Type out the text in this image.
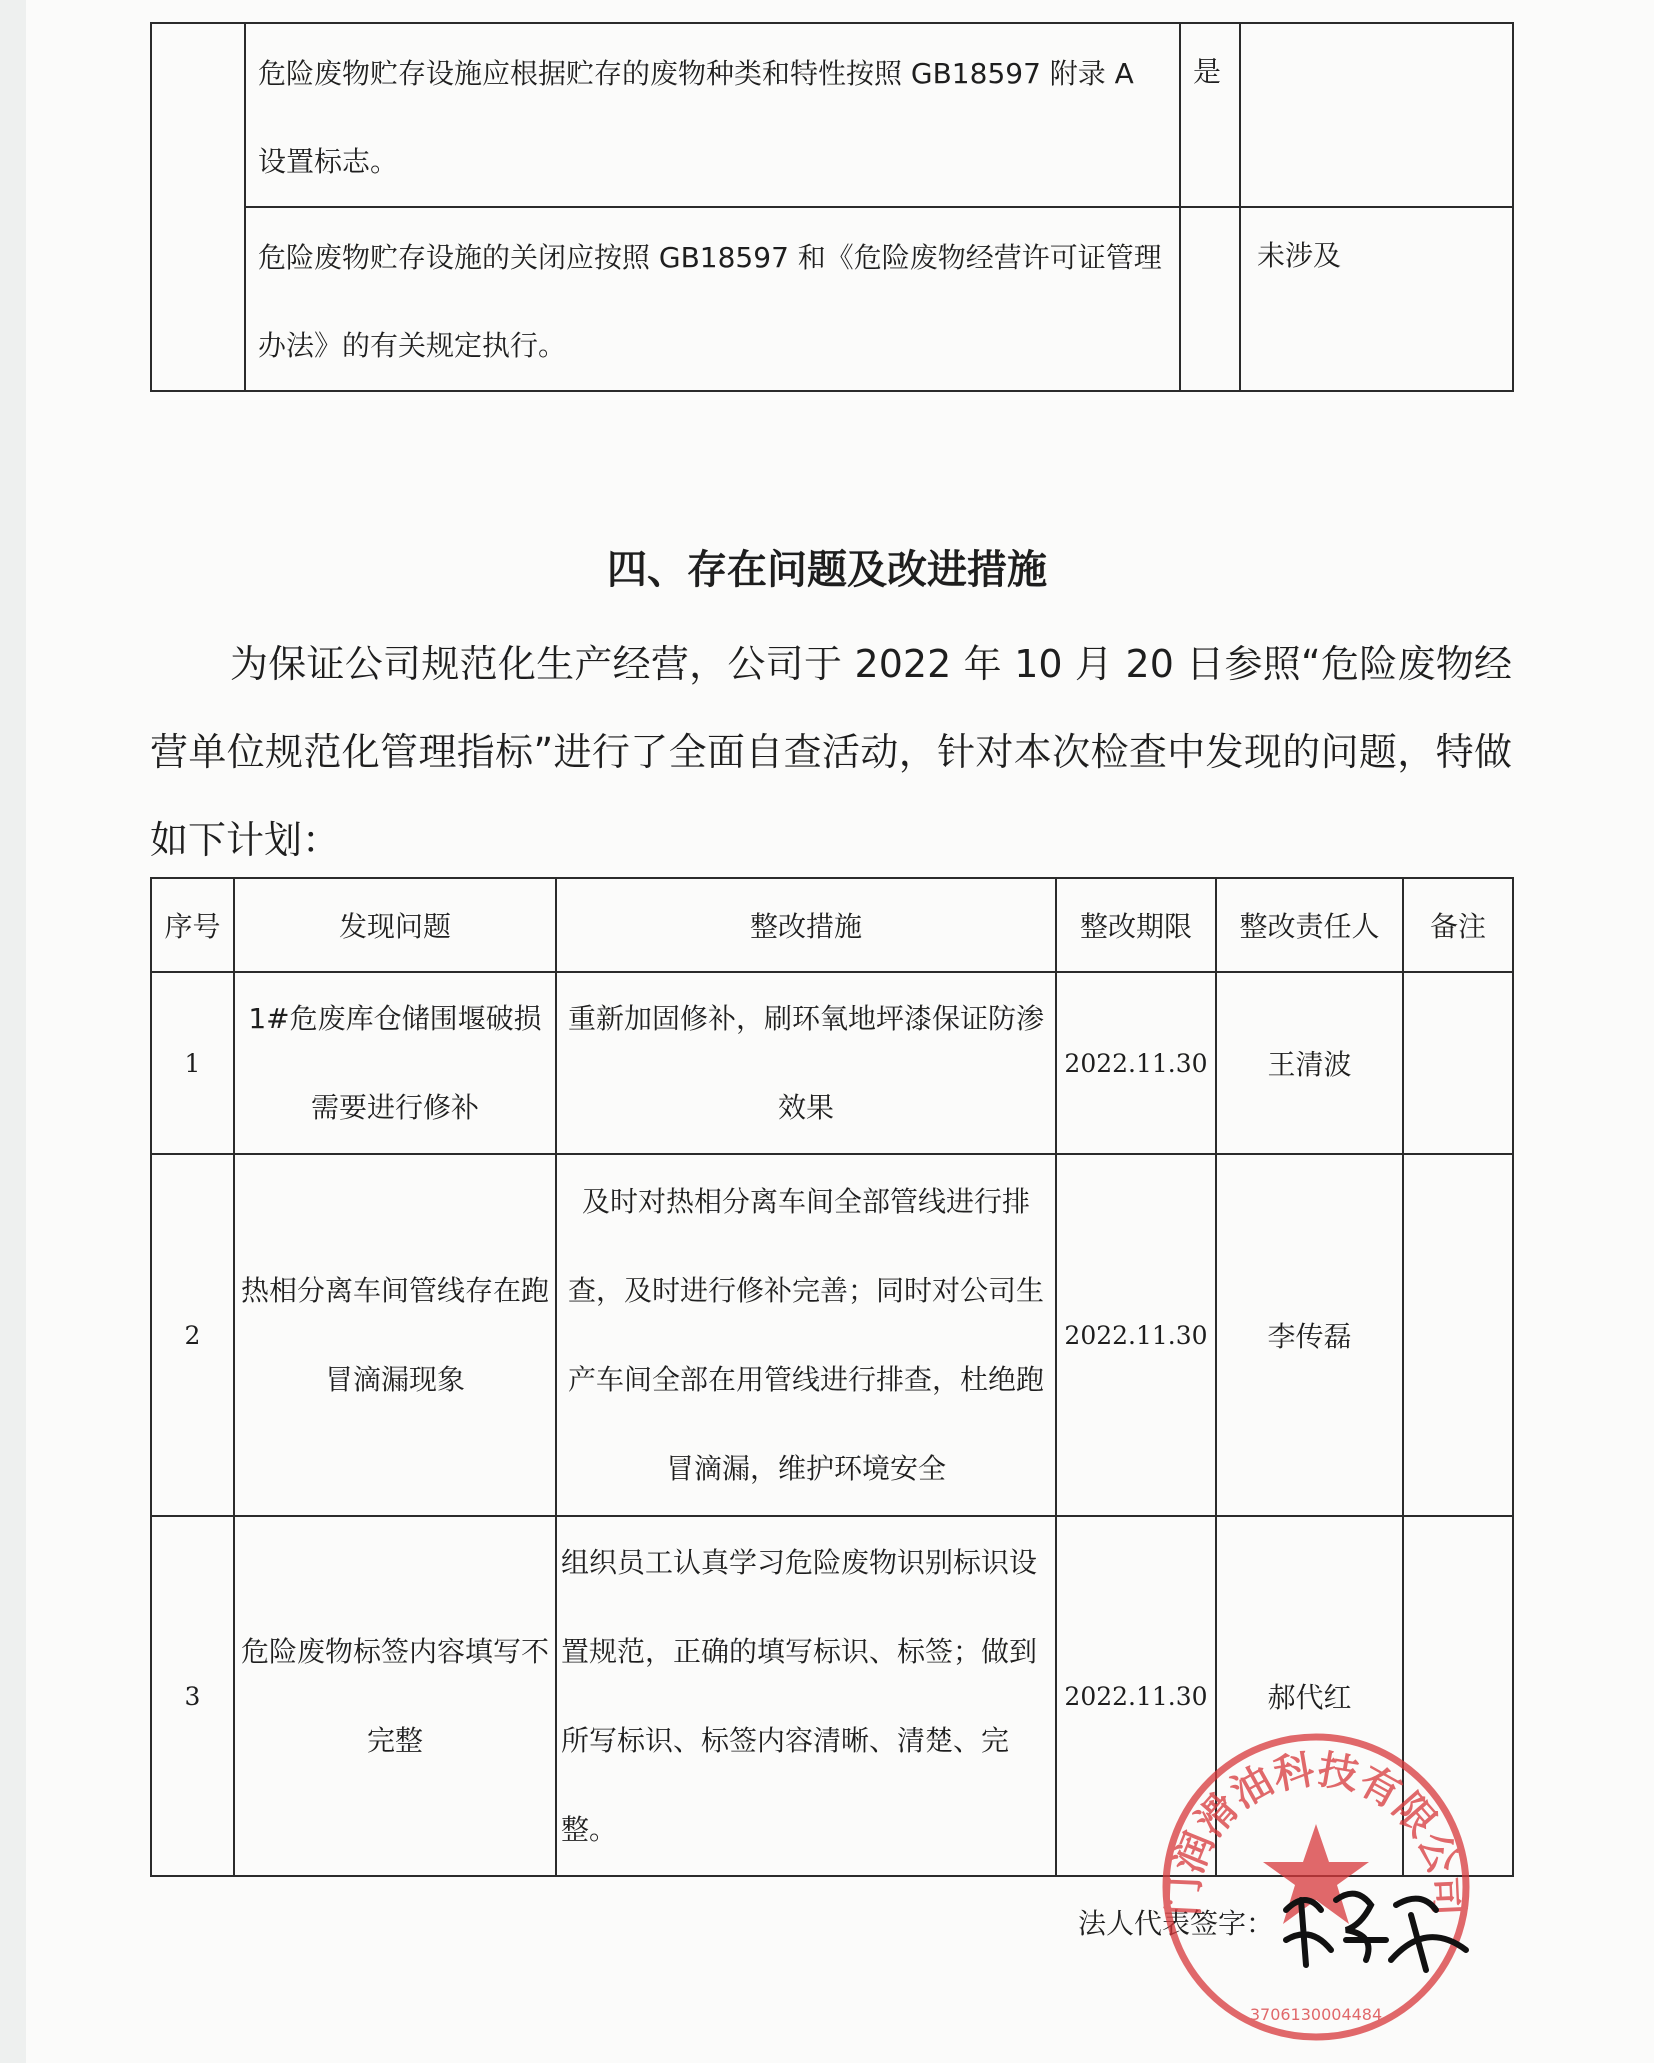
	危险废物贮存设施应根据贮存的废物种类和特性按照 GB18597 附录 A 设置标志。	是	

	危险废物贮存设施的关闭应按照 GB18597 和《危险废物经营许可证管理办法》的有关规定执行。		未涉及
四、存在问题及改进措施
为保证公司规范化生产经营，公司于 2022 年 10 月 20 日参照“危险废物经营单位规范化管理指标”进行了全面自查活动，针对本次检查中发现的问题，特做如下计划：
序号	发现问题	整改措施	整改期限	整改责任人	备注
1	1#危废库仓储围堰破损需要进行修补	重新加固修补，刷环氧地坪漆保证防渗效果	2022.11.30	王清波	
2	热相分离车间管线存在跑冒滴漏现象	及时对热相分离车间全部管线进行排查，及时进行修补完善；同时对公司生产车间全部在用管线进行排查，杜绝跑冒滴漏，维护环境安全	2022.11.30	李传磊	
3	危险废物标签内容填写不完整	组织员工认真学习危险废物识别标识设置规范，正确的填写标识、标签；做到所写标识、标签内容清晰、清楚、完整。	2022.11.30	郝代红	
法人代表签字：
门润滑油科技有限公司
3706130004484
